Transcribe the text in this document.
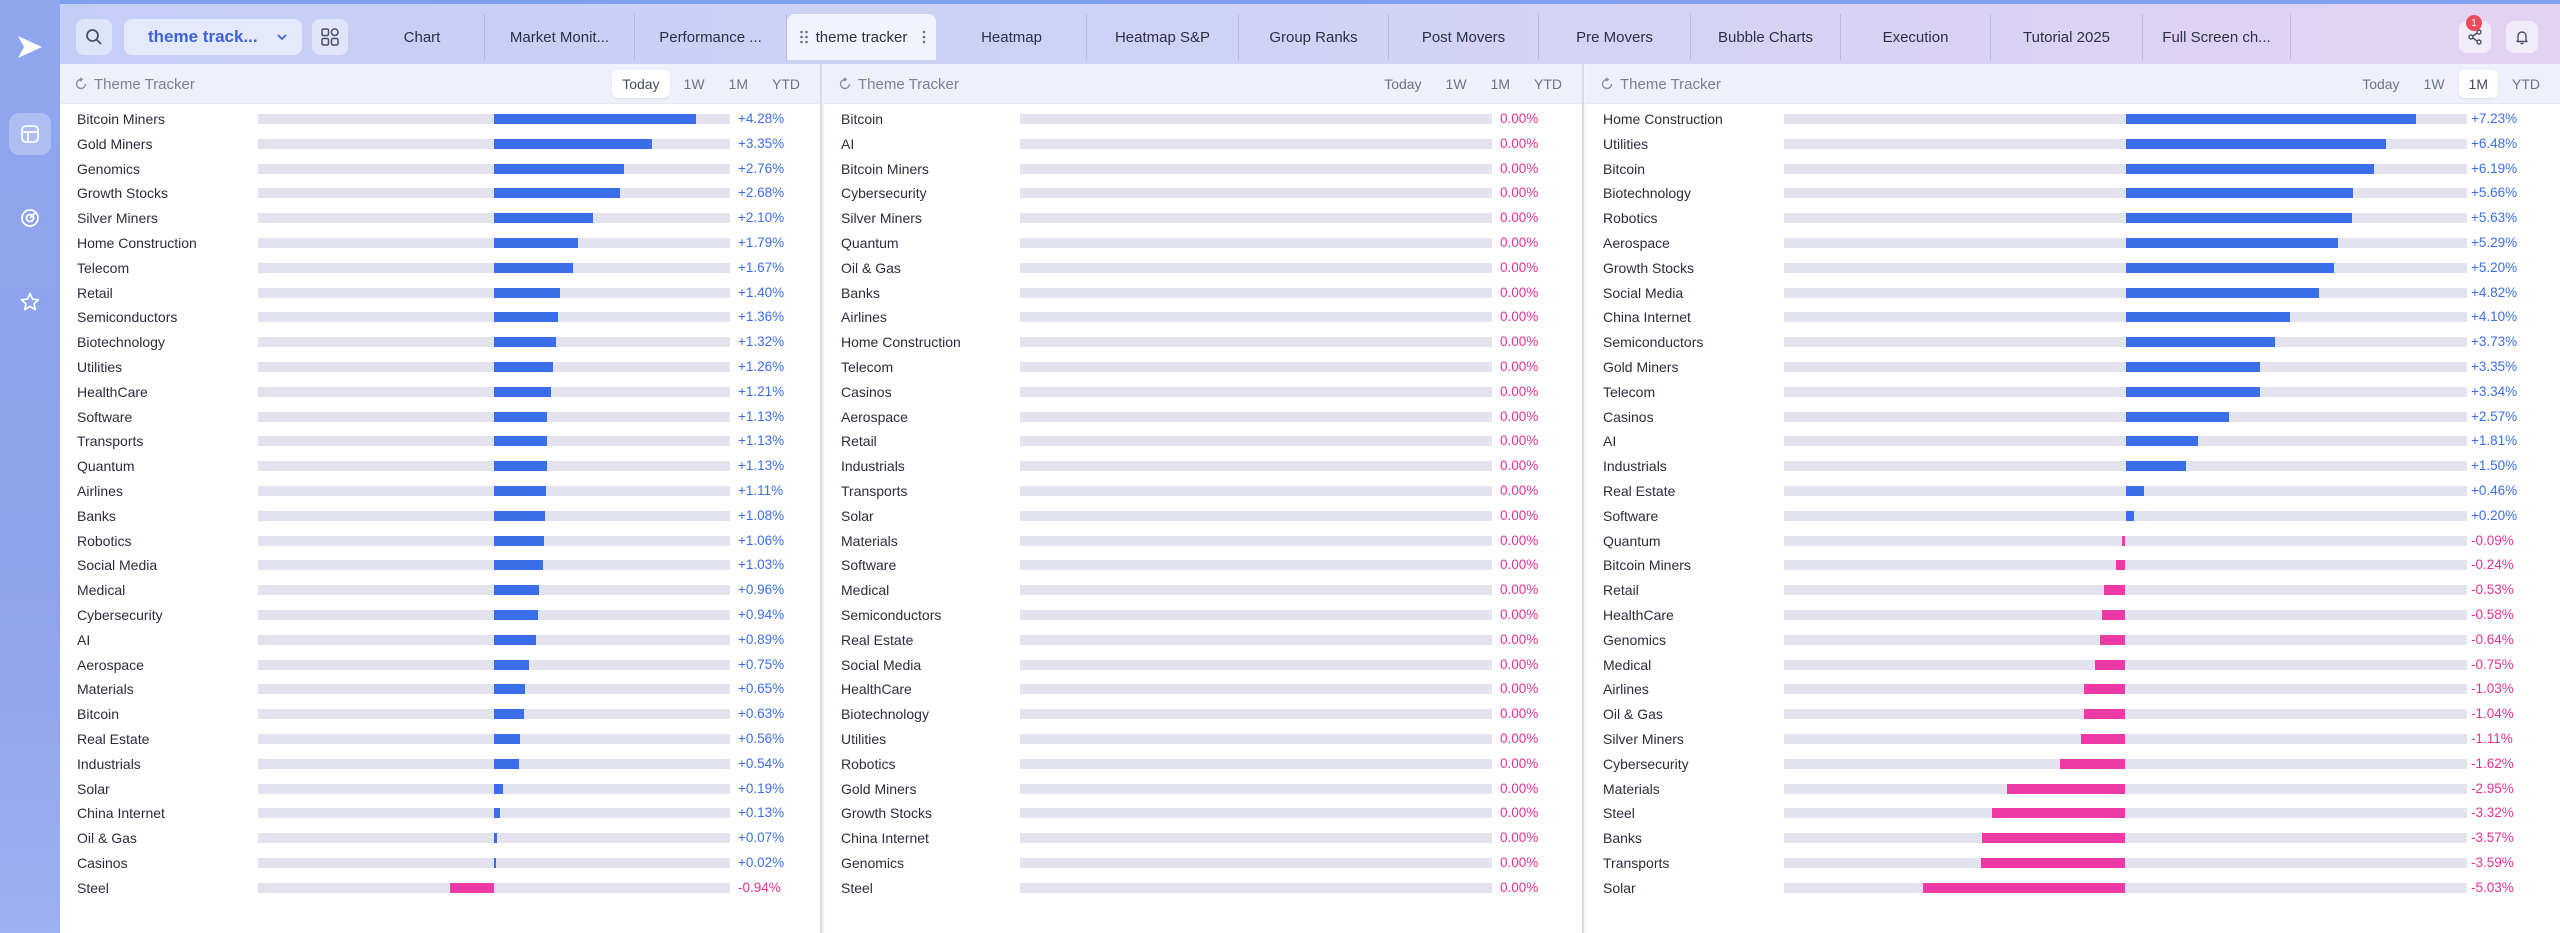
theme track...	Chart	Market Monit...	Performance ...	theme tracker	Heatmap	Heatmap S&P	Group Ranks	Post Movers	Pre Movers	Bubble Charts	Execution	Tutorial 2025	Full Screen ch...
1
Theme Tracker	Today	1W	1M	YTD
Bitcoin Miners	+4.28%
Gold Miners	+3.35%
Genomics	+2.76%
Growth Stocks	+2.68%
Silver Miners	+2.10%
Home Construction	+1.79%
Telecom	+1.67%
Retail	+1.40%
Semiconductors	+1.36%
Biotechnology	+1.32%
Utilities	+1.26%
HealthCare	+1.21%
Software	+1.13%
Transports	+1.13%
Quantum	+1.13%
Airlines	+1.11%
Banks	+1.08%
Robotics	+1.06%
Social Media	+1.03%
Medical	+0.96%
Cybersecurity	+0.94%
AI	+0.89%
Aerospace	+0.75%
Materials	+0.65%
Bitcoin	+0.63%
Real Estate	+0.56%
Industrials	+0.54%
Solar	+0.19%
China Internet	+0.13%
Oil & Gas	+0.07%
Casinos	+0.02%
Steel	-0.94%
Theme Tracker	Today	1W	1M	YTD
Bitcoin	0.00%
AI	0.00%
Bitcoin Miners	0.00%
Cybersecurity	0.00%
Silver Miners	0.00%
Quantum	0.00%
Oil & Gas	0.00%
Banks	0.00%
Airlines	0.00%
Home Construction	0.00%
Telecom	0.00%
Casinos	0.00%
Aerospace	0.00%
Retail	0.00%
Industrials	0.00%
Transports	0.00%
Solar	0.00%
Materials	0.00%
Software	0.00%
Medical	0.00%
Semiconductors	0.00%
Real Estate	0.00%
Social Media	0.00%
HealthCare	0.00%
Biotechnology	0.00%
Utilities	0.00%
Robotics	0.00%
Gold Miners	0.00%
Growth Stocks	0.00%
China Internet	0.00%
Genomics	0.00%
Steel	0.00%
Theme Tracker	Today	1W	1M	YTD
Home Construction	+7.23%
Utilities	+6.48%
Bitcoin	+6.19%
Biotechnology	+5.66%
Robotics	+5.63%
Aerospace	+5.29%
Growth Stocks	+5.20%
Social Media	+4.82%
China Internet	+4.10%
Semiconductors	+3.73%
Gold Miners	+3.35%
Telecom	+3.34%
Casinos	+2.57%
AI	+1.81%
Industrials	+1.50%
Real Estate	+0.46%
Software	+0.20%
Quantum	-0.09%
Bitcoin Miners	-0.24%
Retail	-0.53%
HealthCare	-0.58%
Genomics	-0.64%
Medical	-0.75%
Airlines	-1.03%
Oil & Gas	-1.04%
Silver Miners	-1.11%
Cybersecurity	-1.62%
Materials	-2.95%
Steel	-3.32%
Banks	-3.57%
Transports	-3.59%
Solar	-5.03%
